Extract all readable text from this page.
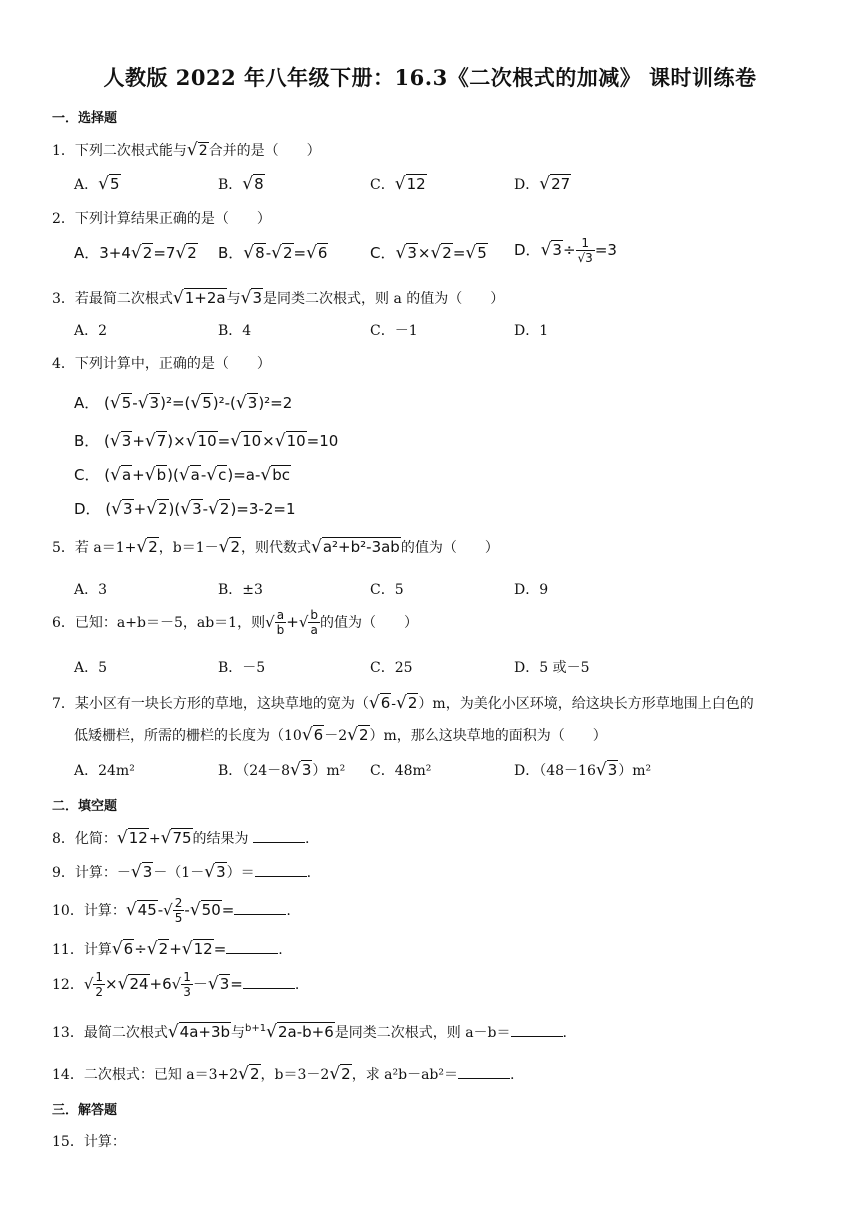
人教版 2022 年八年级下册：16.3《二次根式的加减》 课时训练卷
一．选择题
1．下列二次根式能与√2合并的是（　　）
A．√5	B．√8	C．√12	D．√27
2．下列计算结果正确的是（　　）
A．3+4√2=7√2 B．√8-√2=√6	C．√3×√2=√5 D．$√3\div \frac{1}{√3} =3$
3．若最简二次根式√1+2a与√3是同类二次根式，则 a 的值为（　　）
A．2	B．4	C．－1	D．1
4．下列计算中，正确的是（　　）
A． (√5-√3)²=(√5)²-(√3)²=2
B． (√3+√7)×√10=√10×√10=10
C． (√a+√b)(√a-√c)=a-√bc
D． (√3+√2)(√3-√2)=3-2=1
5．若 a＝1+√2，b＝1－√2，则代数式√a²+b²-3ab的值为（　　）
A．3	B．±3	C．5	D．9
6．已知：a+b＝－5，ab＝1，则√ $\frac{a}{b}$ +√ $\frac{b}{a}$ 的值为（　　）
A．5	B．－5	C．25	D．5 或－5
7．某小区有一块长方形的草地，这块草地的宽为（√6-√2）m，为美化小区环境，给这块长方形草地围上白色的
低矮栅栏，所需的栅栏的长度为（10√6－2√2）m，那么这块草地的面积为（　　）
A．24m²	B．（24－8√3）m² C．48m²	D．（48－16√3）m²
二．填空题
8．化简：√12+√75的结果为	.
9．计算：－√3－（1－√3）＝	.
10．计算：$√45-√ \frac{2}{5} -√50=$	.
11．计算√6÷√2+√12=	.
12．√ $\frac{1}{2} \times√24+6√ \frac{1}{3} -√3=$	.
13．最简二次根式√4a+3b与$^{b+1}$√2a-b+6是同类二次根式，则 a－b＝	.
14．二次根式：已知 a＝3+2√2，b＝3－2√2，求 a²b－ab²＝	.
三．解答题
15．计算：
